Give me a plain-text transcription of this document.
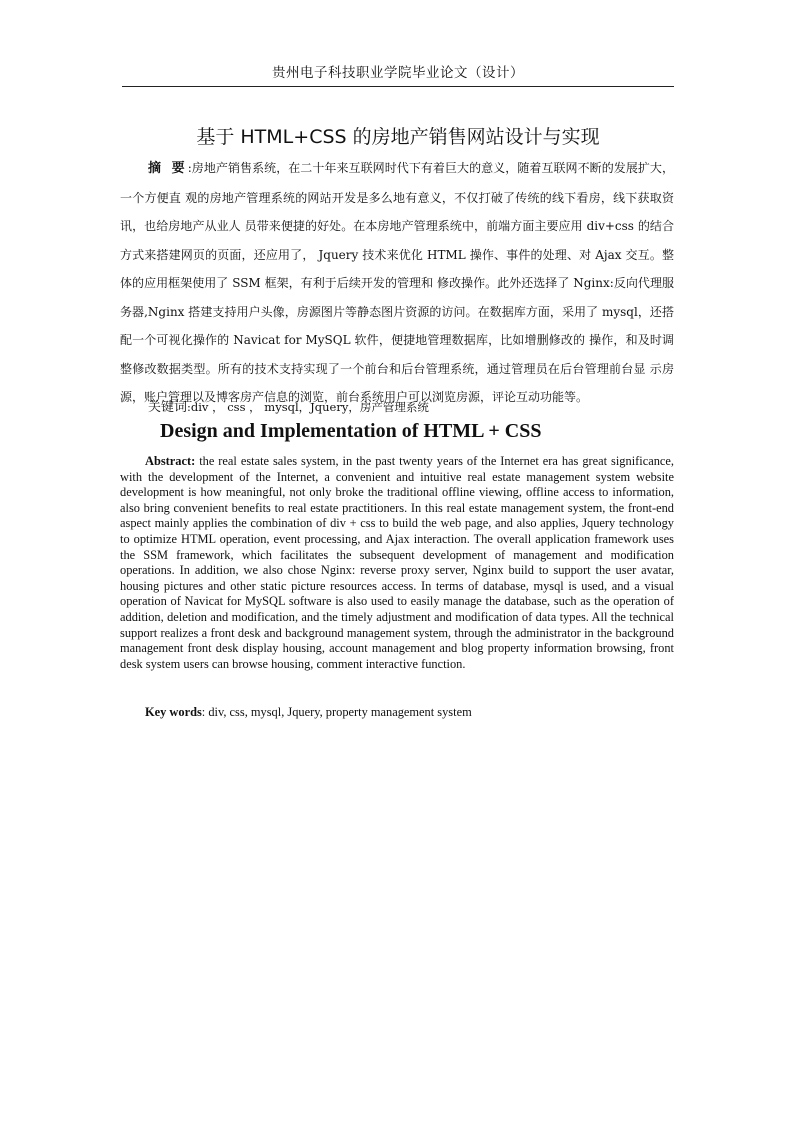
贵州电子科技职业学院毕业论文（设计）
基于 HTML+CSS 的房地产销售网站设计与实现

摘 要:房地产销售系统，在二十年来互联网时代下有着巨大的意义，随着互联网不断的发展扩大，一个方便直 观的房地产管理系统的网站开发是多么地有意义，不仅打破了传统的线下看房，线下获取资讯，也给房地产从业人 员带来便捷的好处。在本房地产管理系统中，前端方面主要应用 div+css 的结合方式来搭建网页的页面，还应用了， Jquery 技术来优化 HTML 操作、事件的处理、对 Ajax 交互。整体的应用框架使用了 SSM 框架，有利于后续开发的管理和 修改操作。此外还选择了 Nginx:反向代理服务器,Nginx 搭建支持用户头像，房源图片等静态图片资源的访问。在数据库方面，采用了 mysql，还搭配一个可视化操作的 Navicat for MySQL 软件，便捷地管理数据库，比如增删修改的 操作，和及时调整修改数据类型。所有的技术支持实现了一个前台和后台管理系统，通过管理员在后台管理前台显 示房源，账户管理以及博客房产信息的浏览，前台系统用户可以浏览房源，评论互动功能等。

关键词:div ， css ， mysql，Jquery，房产管理系统
Design and Implementation of HTML + CSS

Abstract: the real estate sales system, in the past twenty years of the Internet era has great significance, with the development of the Internet, a convenient and intuitive real estate management system website development is how meaningful, not only broke the traditional offline viewing, offline access to information, also bring convenient benefits to real estate practitioners. In this real estate management system, the front-end aspect mainly applies the combination of div + css to build the web page, and also applies, Jquery technology to optimize HTML operation, event processing, and Ajax interaction. The overall application framework uses the SSM framework, which facilitates the subsequent development of management and modification operations. In addition, we also chose Nginx: reverse proxy server, Nginx build to support the user avatar, housing pictures and other static picture resources access. In terms of database, mysql is used, and a visual operation of Navicat for MySQL software is also used to easily manage the database, such as the operation of addition, deletion and modification, and the timely adjustment and modification of data types. All the technical support realizes a front desk and background management system, through the administrator in the background management front desk display housing, account management and blog property information browsing, front desk system users can browse housing, comment interactive function.

Key words: div, css, mysql, Jquery, property management system
